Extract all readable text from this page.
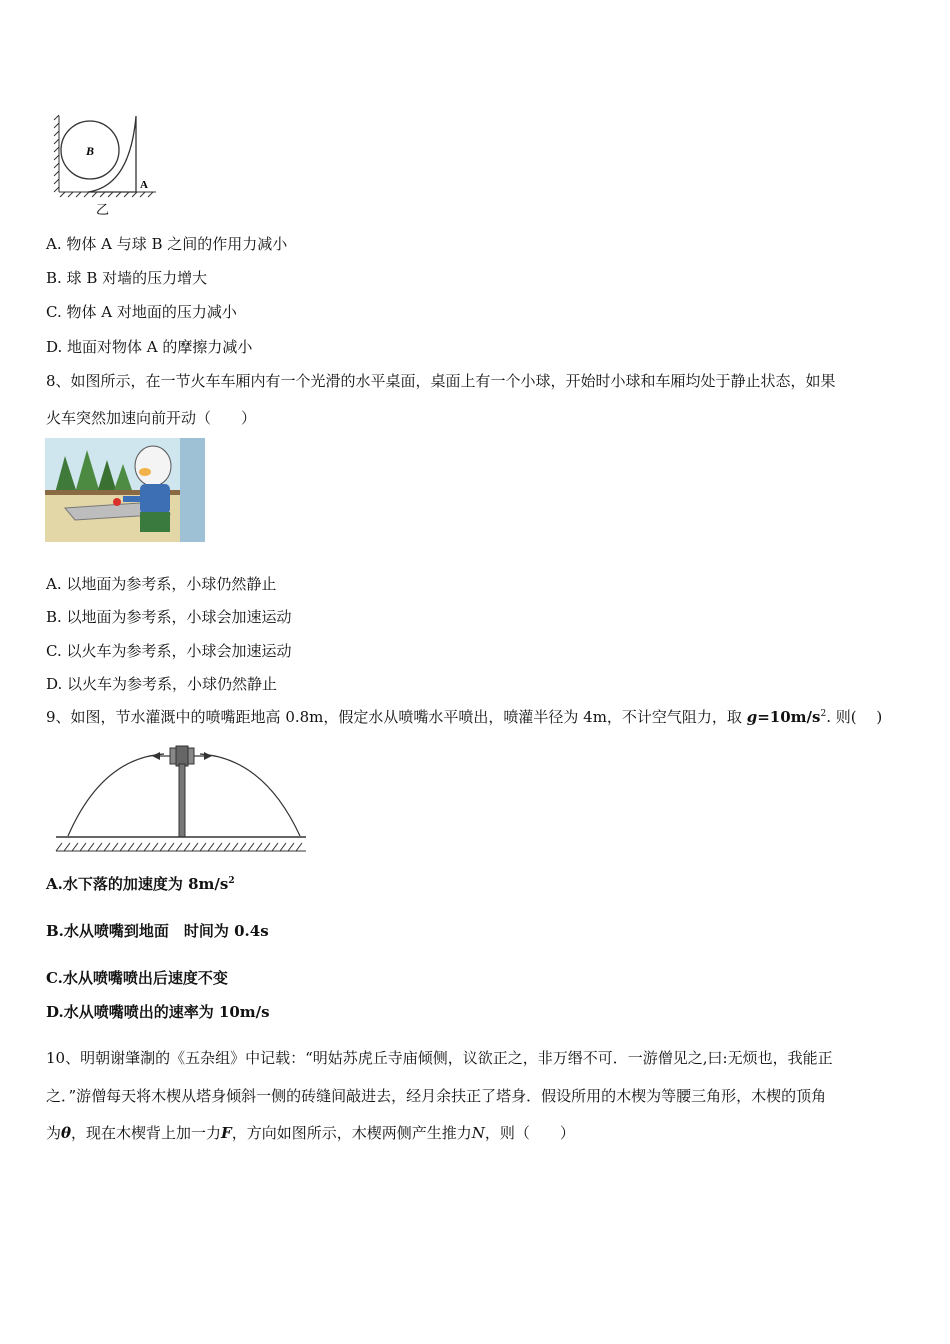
B
A
乙
A. 物体 A 与球 B 之间的作用力减小
B. 球 B 对墙的压力增大
C. 物体 A 对地面的压力减小
D. 地面对物体 A 的摩擦力减小
8、如图所示，在一节火车车厢内有一个光滑的水平桌面，桌面上有一个小球，开始时小球和车厢均处于静止状态，如果
火车突然加速向前开动（　　）
A. 以地面为参考系，小球仍然静止
B. 以地面为参考系，小球会加速运动
C. 以火车为参考系，小球会加速运动
D. 以火车为参考系，小球仍然静止
9、如图，节水灌溉中的喷嘴距地高 0.8m，假定水从喷嘴水平喷出，喷灌半径为 4m，不计空气阻力，取 $g=10m/s^2$. 则(　 )
A.水下落的加速度为 $8m/s^2$
B.水从喷嘴到地面　时间为 0.4s
C.水从喷嘴喷出后速度不变
D.水从喷嘴喷出的速率为 10m/s
10、明朝谢肇淛的《五杂组》中记载：“明姑苏虎丘寺庙倾侧，议欲正之，非万缗不可．一游僧见之,曰:无烦也，我能正
之．”游僧每天将木楔从塔身倾斜一侧的砖缝间敲进去，经月余扶正了塔身．假设所用的木楔为等腰三角形，木楔的顶角
为θ，现在木楔背上加一力F，方向如图所示，木楔两侧产生推力N，则（　　）
